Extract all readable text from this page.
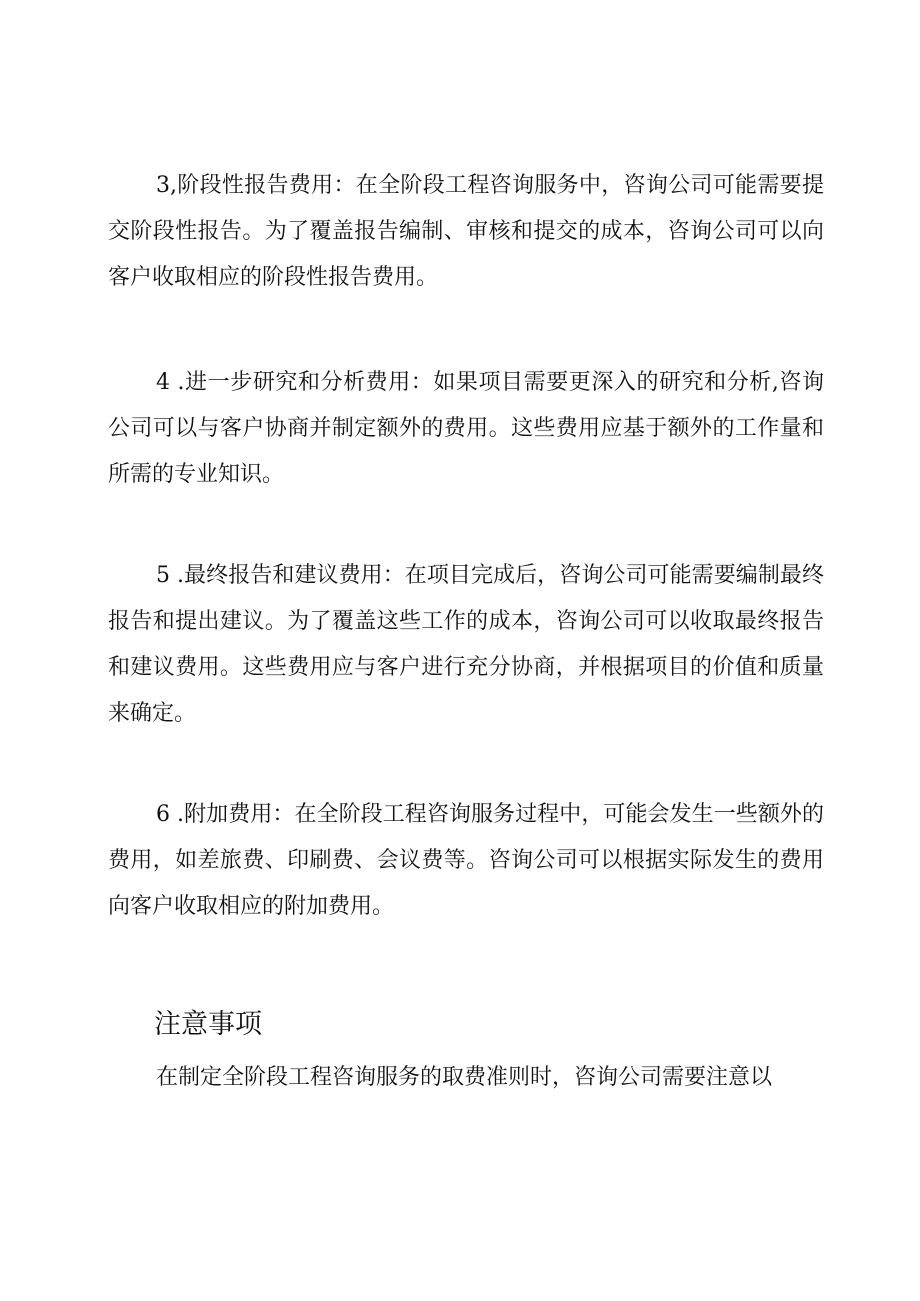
3,阶段性报告费用：在全阶段工程咨询服务中，咨询公司可能需要提交阶段性报告。为了覆盖报告编制、审核和提交的成本，咨询公司可以向客户收取相应的阶段性报告费用。

4 .进一步研究和分析费用：如果项目需要更深入的研究和分析,咨询公司可以与客户协商并制定额外的费用。这些费用应基于额外的工作量和所需的专业知识。

5 .最终报告和建议费用：在项目完成后，咨询公司可能需要编制最终报告和提出建议。为了覆盖这些工作的成本，咨询公司可以收取最终报告和建议费用。这些费用应与客户进行充分协商，并根据项目的价值和质量来确定。

6 .附加费用：在全阶段工程咨询服务过程中，可能会发生一些额外的费用，如差旅费、印刷费、会议费等。咨询公司可以根据实际发生的费用向客户收取相应的附加费用。

注意事项

在制定全阶段工程咨询服务的取费准则时，咨询公司需要注意以
